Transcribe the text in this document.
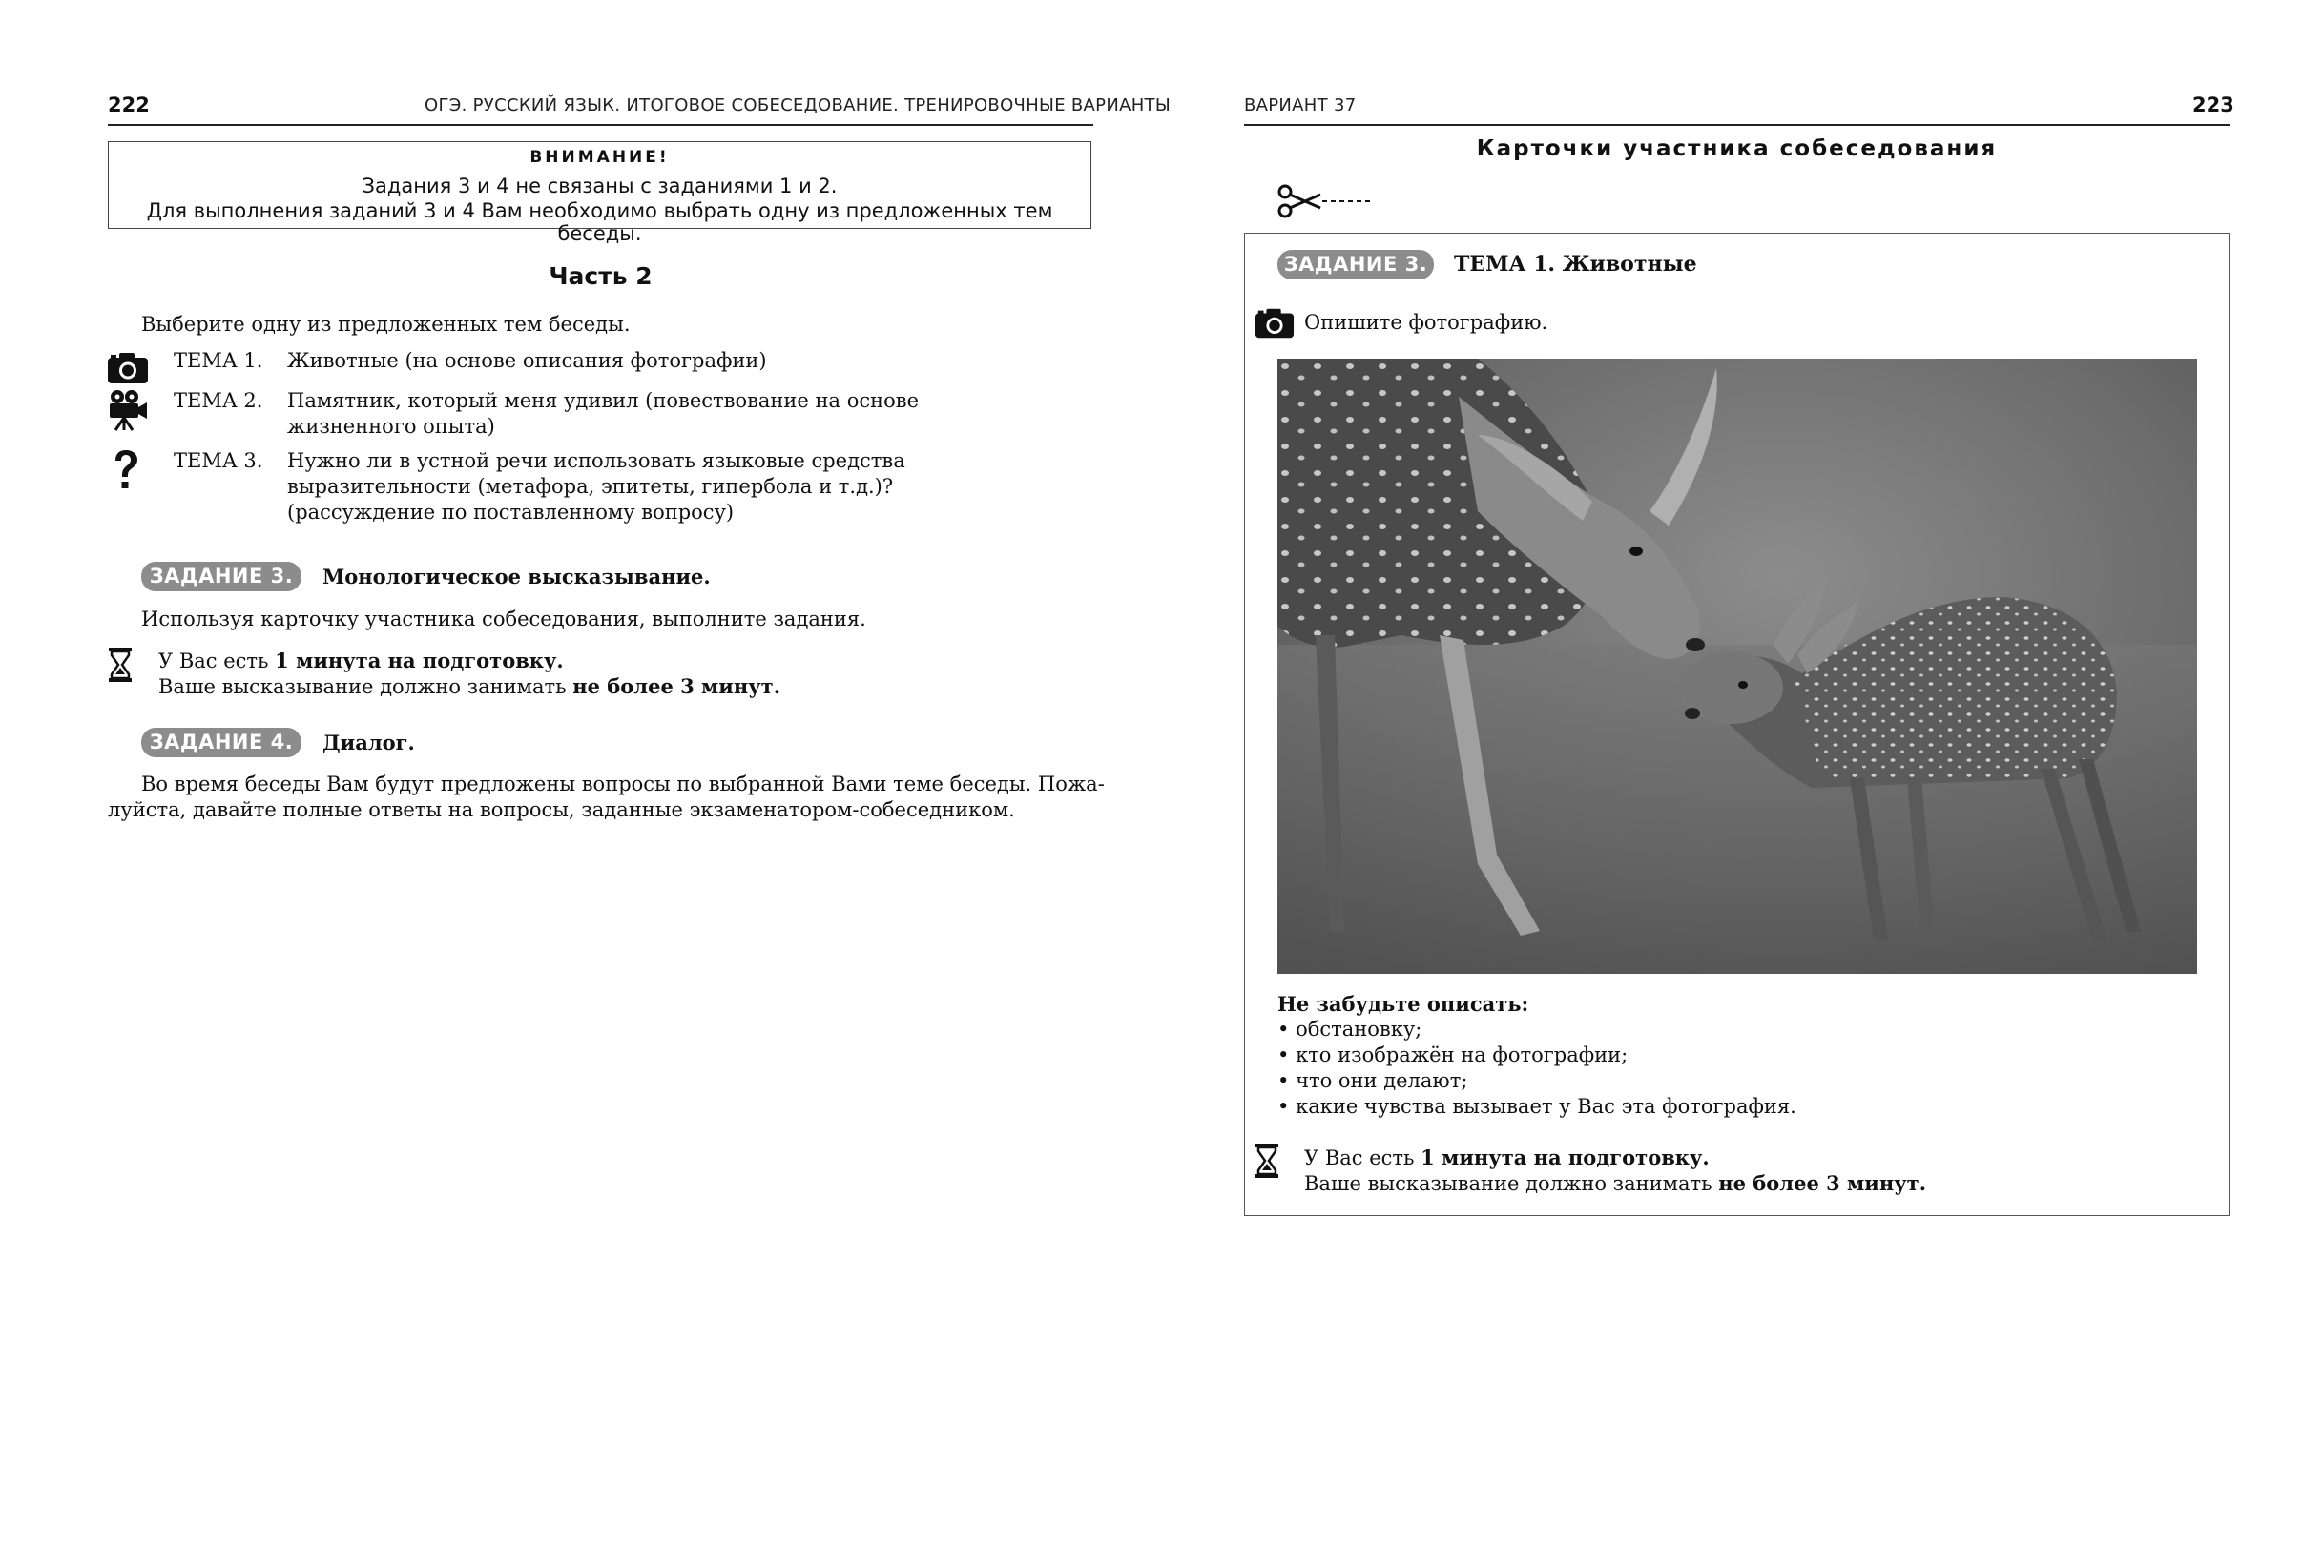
222	ОГЭ. РУССКИЙ ЯЗЫК. ИТОГОВОЕ СОБЕСЕДОВАНИЕ. ТРЕНИРОВОЧНЫЕ ВАРИАНТЫ
ВНИМАНИЕ!
Задания 3 и 4 не связаны с заданиями 1 и 2.
Для выполнения заданий 3 и 4 Вам необходимо выбрать одну из предложенных тем беседы.
Часть 2
Выберите одну из предложенных тем беседы.
ТЕМА 1. Животные (на основе описания фотографии)
ТЕМА 2. Памятник, который меня удивил (повествование на основе
жизненного опыта)
ТЕМА 3. Нужно ли в устной речи использовать языковые средства
выразительности (метафора, эпитеты, гипербола и т.д.)?
(рассуждение по поставленному вопросу)
ЗАДАНИЕ 3.	Монологическое высказывание.
Используя карточку участника собеседования, выполните задания.
У Вас есть 1 минута на подготовку.
Ваше высказывание должно занимать не более 3 минут.
ЗАДАНИЕ 4.	Диалог.
Во время беседы Вам будут предложены вопросы по выбранной Вами теме беседы. Пожа-
луйста, давайте полные ответы на вопросы, заданные экзаменатором-собеседником.
ВАРИАНТ 37	223
Карточки участника собеседования
ЗАДАНИЕ 3.	ТЕМА 1. Животные
Опишите фотографию.
Не забудьте описать:
• обстановку;
• кто изображён на фотографии;
• что они делают;
• какие чувства вызывает у Вас эта фотография.
У Вас есть 1 минута на подготовку.
Ваше высказывание должно занимать не более 3 минут.
